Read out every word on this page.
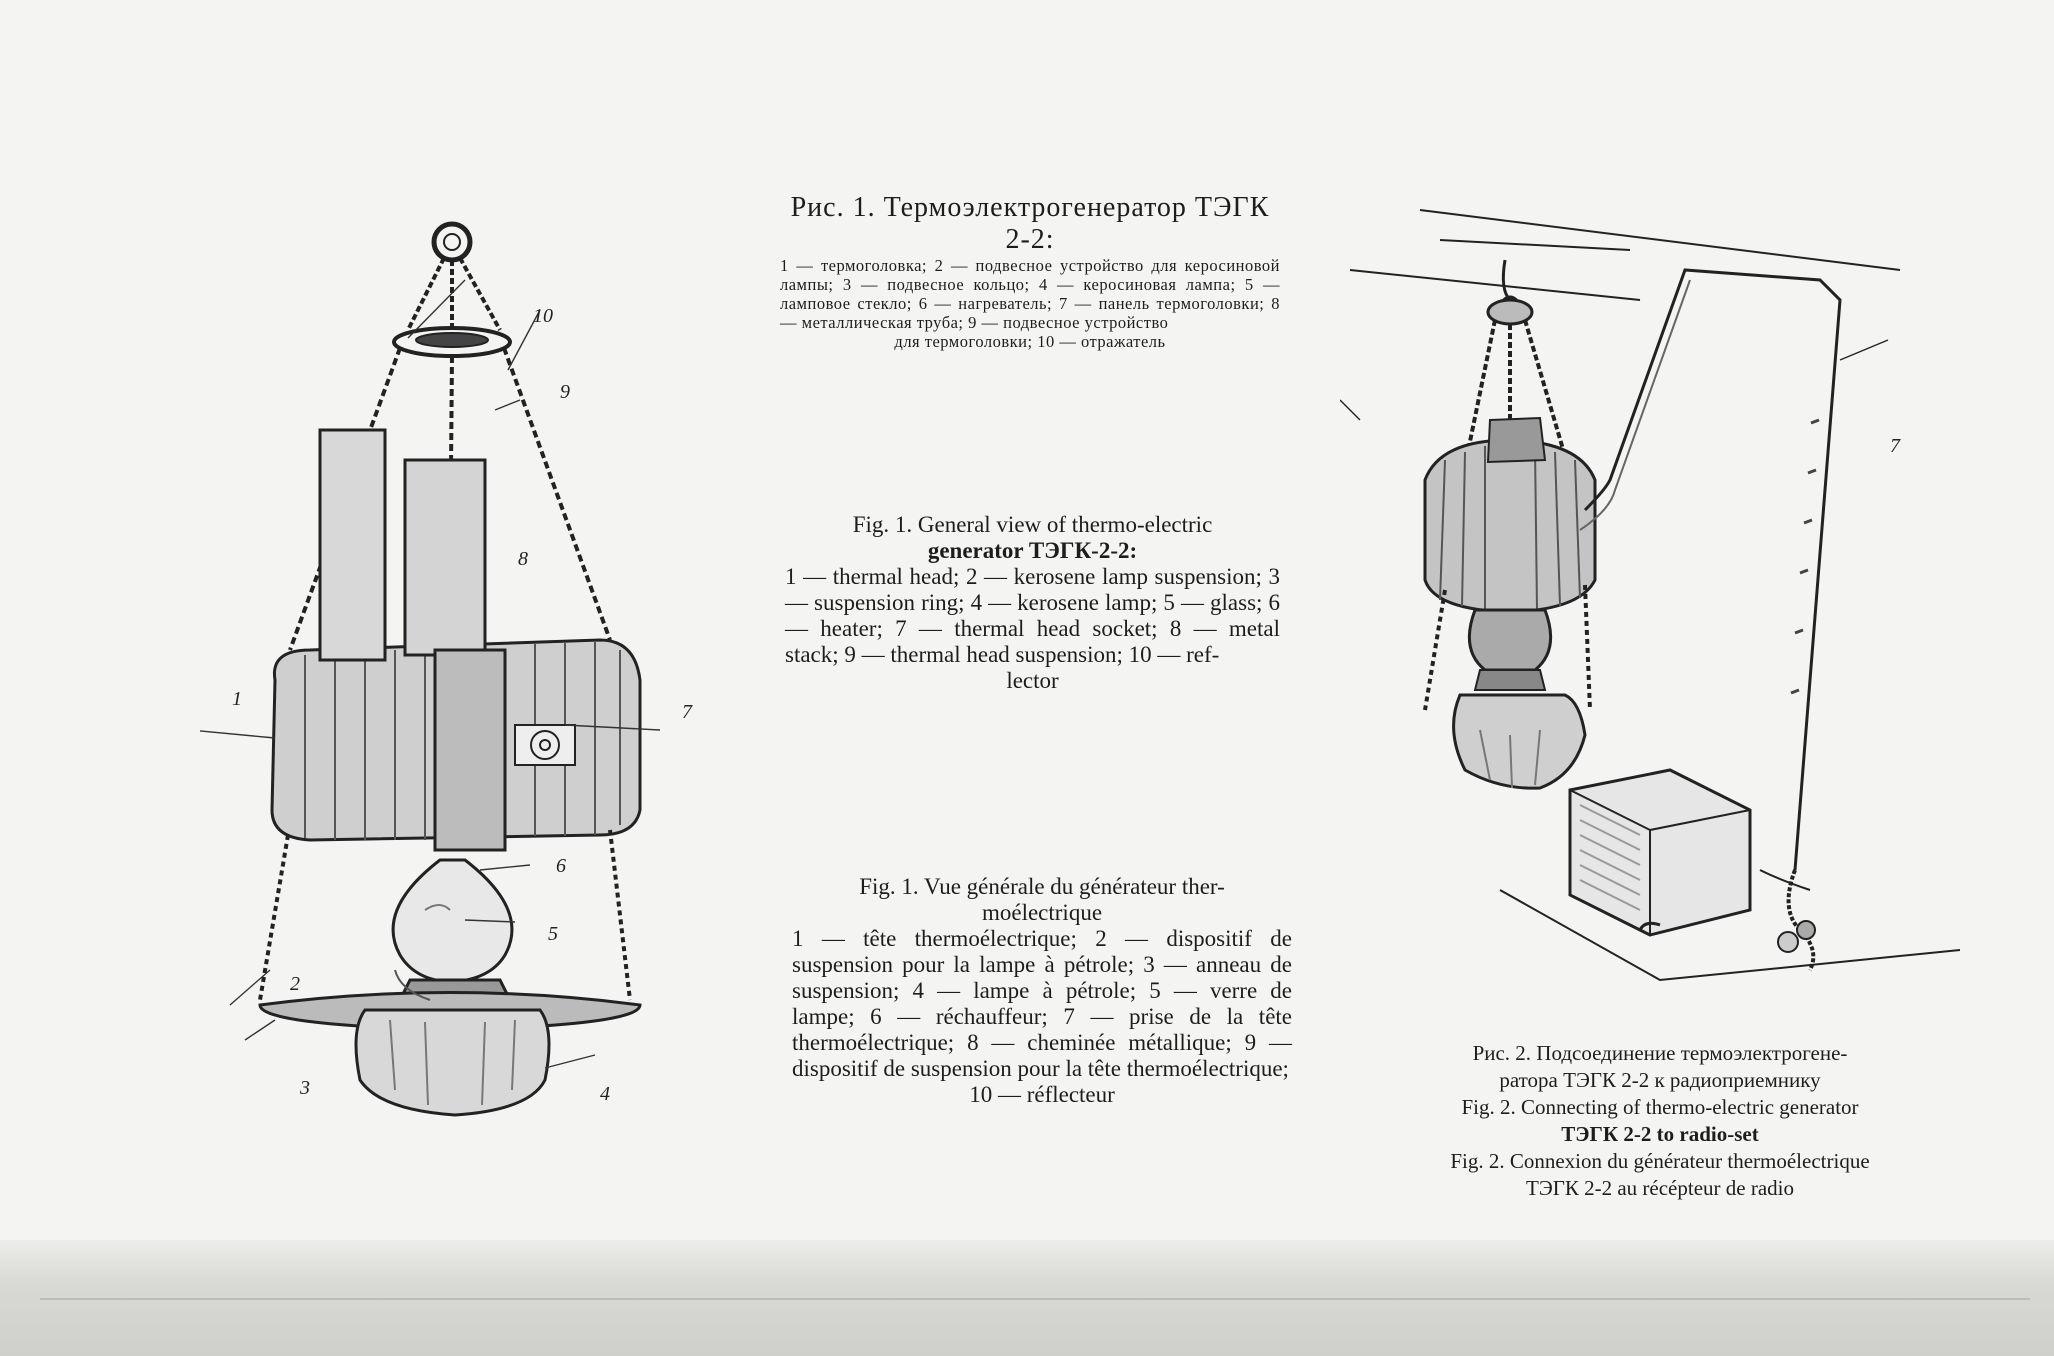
1
2
3	4
5
6
7
8
9
10
7
Рис. 1. Термоэлектрогенератор ТЭГК 2-2:
1 — термоголовка; 2 — подвесное устройство для керосиновой лампы; 3 — подвесное кольцо; 4 — керосиновая лампа; 5 — ламповое стекло; 6 — нагреватель; 7 — панель термоголовки; 8 — металлическая труба; 9 — подвесное устройство
для термоголовки; 10 — отражатель
Fig. 1. General view of thermo-electric
generator ТЭГК-2-2:
1 — thermal head; 2 — kerosene lamp suspension; 3 — suspension ring; 4 — kerosene lamp; 5 — glass; 6 — heater; 7 — thermal head socket; 8 — metal stack; 9 — thermal head suspension; 10 — ref-
lector
Fig. 1. Vue générale du générateur ther-
moélectrique
1 — tête thermoélectrique; 2 — dispositif de suspension pour la lampe à pétrole; 3 — anneau de suspension; 4 — lampe à pétrole; 5 — verre de lampe; 6 — réchauffeur; 7 — prise de la tête thermoélectrique; 8 — cheminée métallique; 9 — dispositif de suspension pour la tête thermoélectrique;
10 — réflecteur
Рис. 2. Подсоединение термоэлектрогене-
ратора ТЭГК 2-2 к радиоприемнику
Fig. 2. Connecting of thermo-electric generator
ТЭГК 2-2 to radio-set
Fig. 2. Connexion du générateur thermoélectrique
ТЭГК 2-2 au récépteur de radio
